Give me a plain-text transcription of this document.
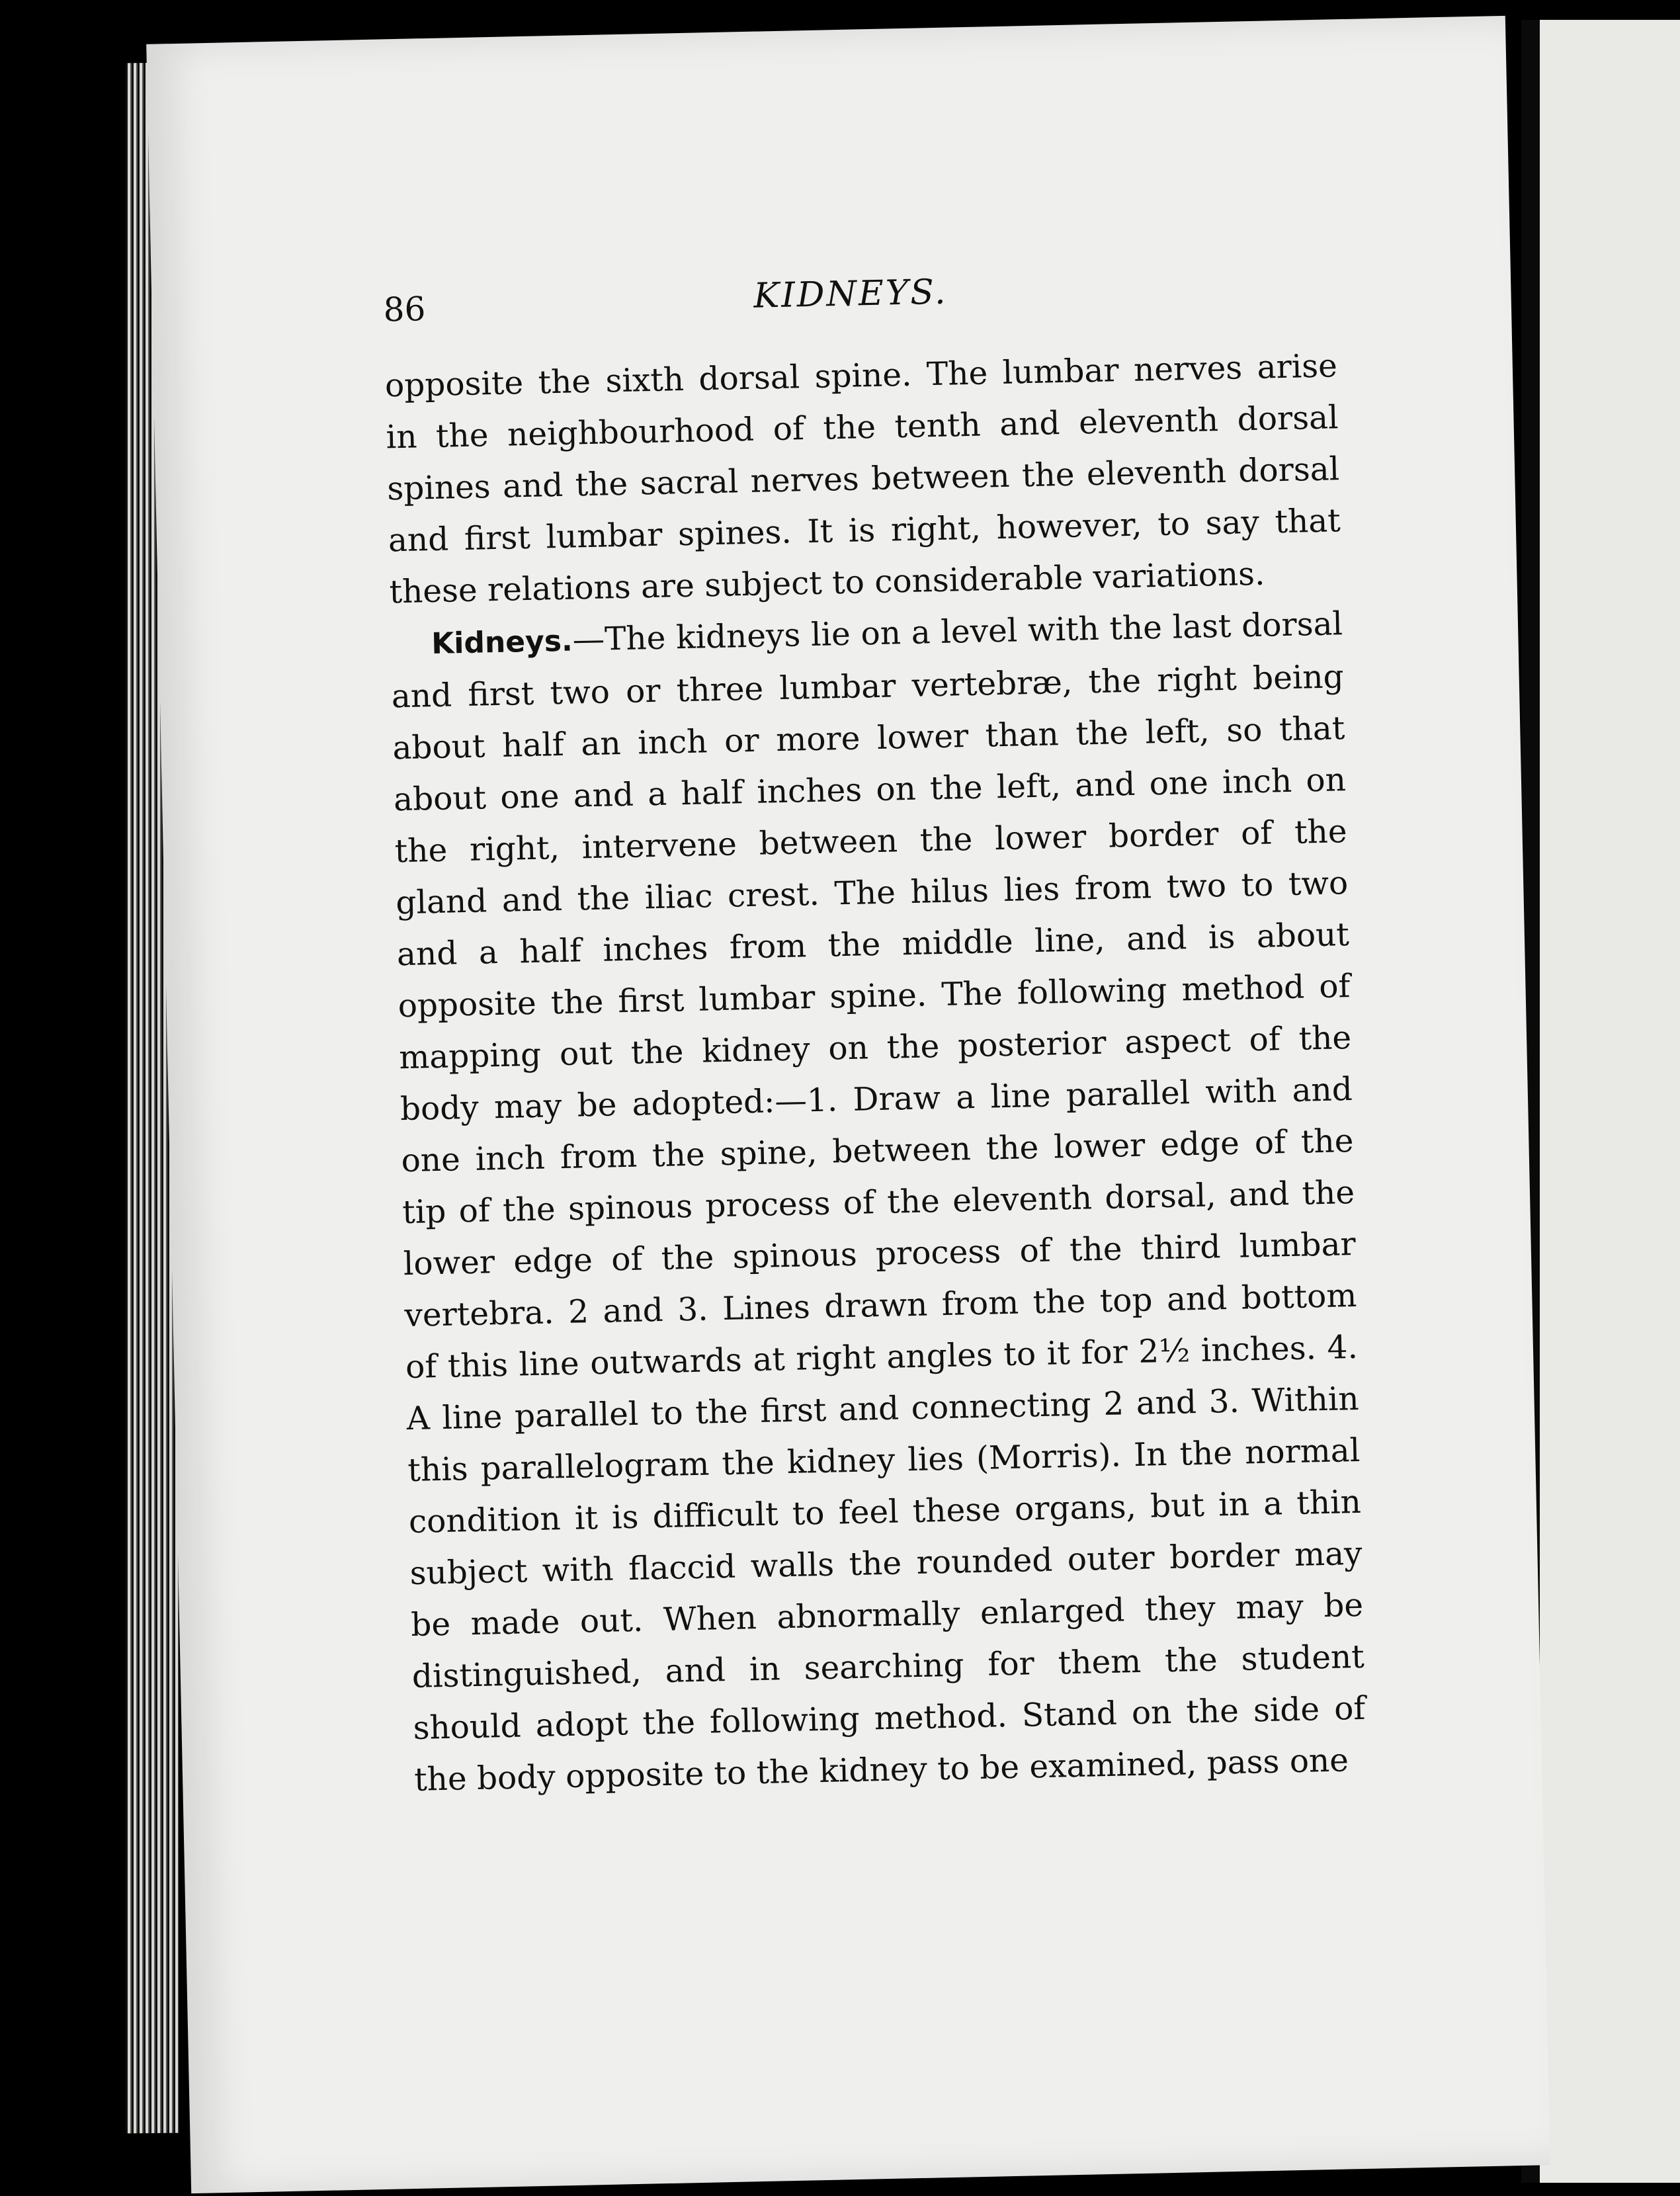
86	KIDNEYS.

opposite the sixth dorsal spine. The lumbar nerves arise in the neighbourhood of the tenth and eleventh dorsal spines and the sacral nerves between the eleventh dorsal and first lumbar spines. It is right, however, to say that these relations are subject to considerable variations.

Kidneys.—The kidneys lie on a level with the last dorsal and first two or three lumbar vertebræ, the right being about half an inch or more lower than the left, so that about one and a half inches on the left, and one inch on the right, intervene between the lower border of the gland and the iliac crest. The hilus lies from two to two and a half inches from the middle line, and is about opposite the first lumbar spine. The following method of mapping out the kidney on the posterior aspect of the body may be adopted:—1. Draw a line parallel with and one inch from the spine, between the lower edge of the tip of the spinous process of the eleventh dorsal, and the lower edge of the spinous process of the third lumbar vertebra. 2 and 3. Lines drawn from the top and bottom of this line outwards at right angles to it for 2½ inches. 4. A line parallel to the first and connecting 2 and 3. Within this parallelogram the kidney lies (Morris). In the normal condition it is difficult to feel these organs, but in a thin subject with flaccid walls the rounded outer border may be made out. When abnormally enlarged they may be distinguished, and in searching for them the student should adopt the following method. Stand on the side of the body opposite to the kidney to be examined, pass one
